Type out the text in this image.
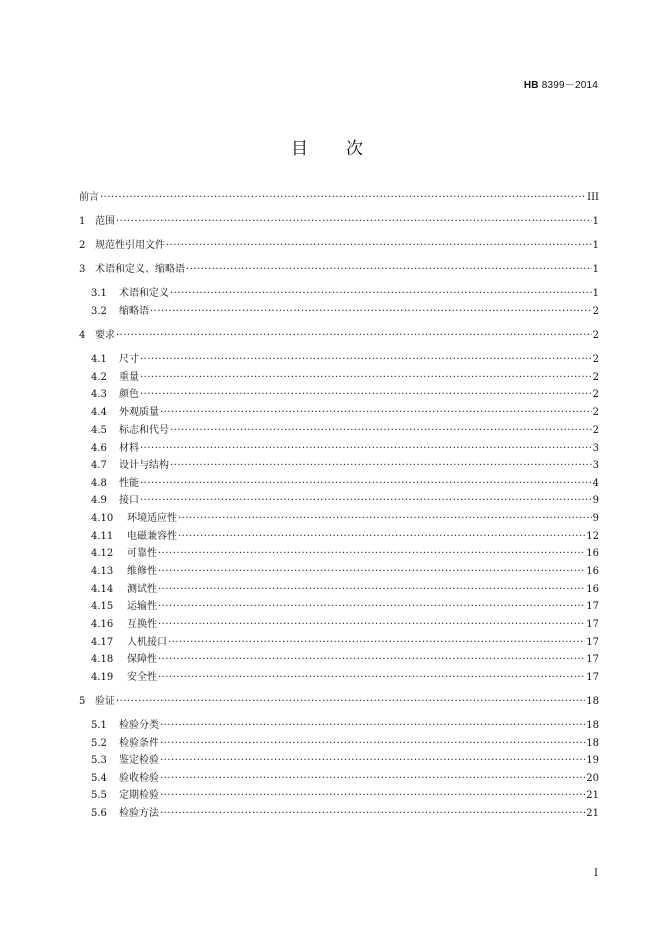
HB 8399－2014
目次
前言 ·····	III
1 范围 ·····	1
2 规范性引用文件 ·····	1
3 术语和定义、缩略语 ·····	1
3.1	术语和定义 ·····	1
3.2	缩略语 ·····	2
4 要求 ·····	2
4.1	尺寸 ·····	2
4.2	重量 ·····	2
4.3	颜色 ·····	2
4.4	外观质量 ·····	2
4.5	标志和代号 ·····	2
4.6	材料 ·····	3
4.7	设计与结构 ·····	3
4.8	性能 ·····	4
4.9	接口 ·····	9
4.10	环境适应性 ·····	9
4.11	电磁兼容性 ·····	12
4.12	可靠性 ·····	16
4.13	维修性 ·····	16
4.14	测试性 ·····	16
4.15	运输性 ·····	17
4.16	互换性 ·····	17
4.17	人机接口 ·····	17
4.18	保障性 ·····	17
4.19	安全性 ·····	17
5 验证 ·····	18
5.1	检验分类 ·····	18
5.2	检验条件 ·····	18
5.3	鉴定检验 ·····	19
5.4	验收检验 ·····	20
5.5	定期检验 ·····	21
5.6	检验方法 ·····	21
I
